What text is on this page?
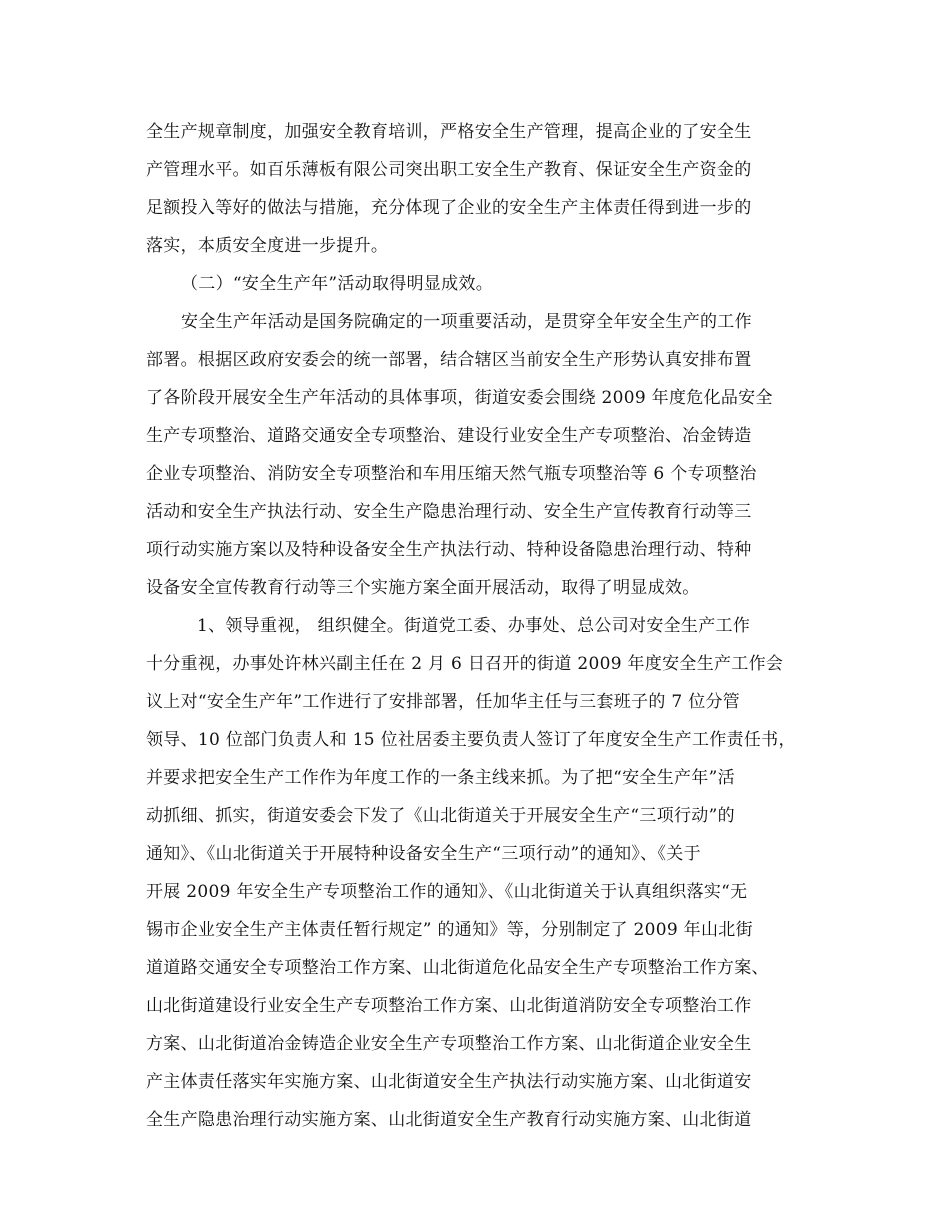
全生产规章制度，加强安全教育培训，严格安全生产管理，提高企业的了安全生
产管理水平。如百乐薄板有限公司突出职工安全生产教育、保证安全生产资金的
足额投入等好的做法与措施，充分体现了企业的安全生产主体责任得到进一步的
落实，本质安全度进一步提升。
（二）“安全生产年”活动取得明显成效。
安全生产年活动是国务院确定的一项重要活动，是贯穿全年安全生产的工作
部署。根据区政府安委会的统一部署，结合辖区当前安全生产形势认真安排布置
了各阶段开展安全生产年活动的具体事项，街道安委会围绕 2009 年度危化品安全
生产专项整治、道路交通安全专项整治、建设行业安全生产专项整治、冶金铸造
企业专项整治、消防安全专项整治和车用压缩天然气瓶专项整治等 6 个专项整治
活动和安全生产执法行动、安全生产隐患治理行动、安全生产宣传教育行动等三
项行动实施方案以及特种设备安全生产执法行动、特种设备隐患治理行动、特种
设备安全宣传教育行动等三个实施方案全面开展活动，取得了明显成效。
1、领导重视， 组织健全。街道党工委、办事处、总公司对安全生产工作
十分重视，办事处许林兴副主任在 2 月 6 日召开的街道 2009 年度安全生产工作会
议上对“安全生产年”工作进行了安排部署，任加华主任与三套班子的 7 位分管
领导、10 位部门负责人和 15 位社居委主要负责人签订了年度安全生产工作责任书，
并要求把安全生产工作作为年度工作的一条主线来抓。为了把“安全生产年”活
动抓细、抓实，街道安委会下发了《山北街道关于开展安全生产“三项行动”的
通知》、《山北街道关于开展特种设备安全生产“三项行动”的通知》、《关于
开展 2009 年安全生产专项整治工作的通知》、《山北街道关于认真组织落实“无
锡市企业安全生产主体责任暂行规定” 的通知》等，分别制定了 2009 年山北街
道道路交通安全专项整治工作方案、山北街道危化品安全生产专项整治工作方案、
山北街道建设行业安全生产专项整治工作方案、山北街道消防安全专项整治工作
方案、山北街道冶金铸造企业安全生产专项整治工作方案、山北街道企业安全生
产主体责任落实年实施方案、山北街道安全生产执法行动实施方案、山北街道安
全生产隐患治理行动实施方案、山北街道安全生产教育行动实施方案、山北街道
